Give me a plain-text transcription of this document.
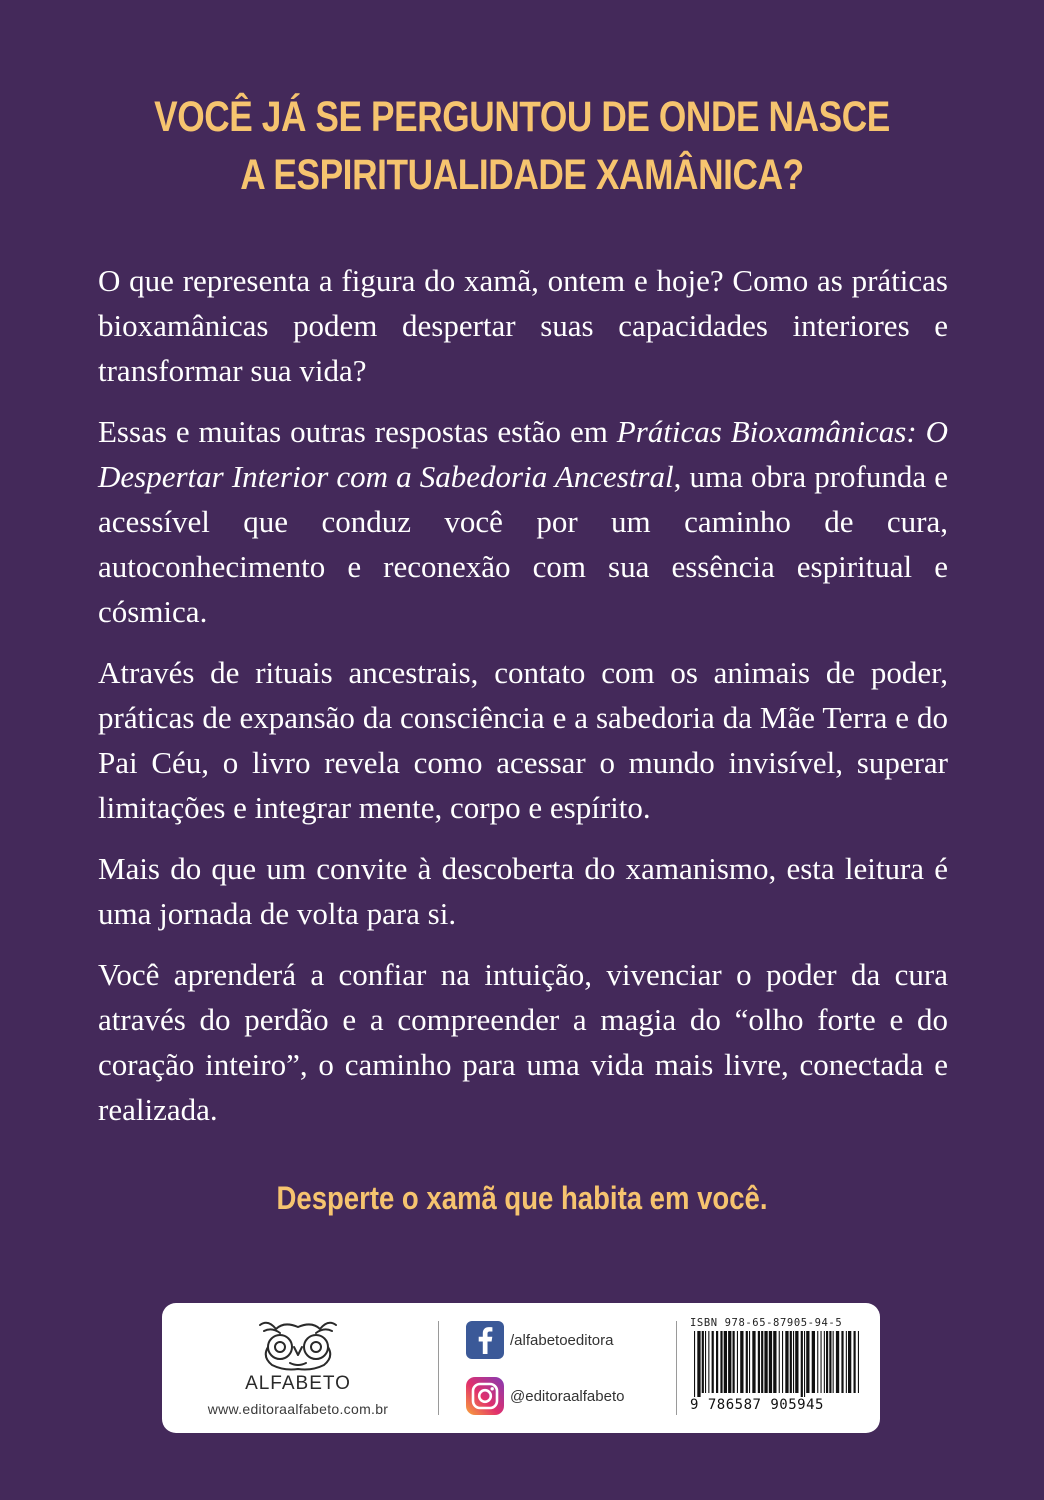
VOCÊ JÁ SE PERGUNTOU DE ONDE NASCE
A ESPIRITUALIDADE XAMÂNICA?

O que representa a figura do xamã, ontem e hoje? Como as práticas bioxamânicas podem despertar suas capacidades interiores e transformar sua vida?

Essas e muitas outras respostas estão em Práticas Bioxamânicas: O Despertar Interior com a Sabedoria Ancestral, uma obra profunda e acessível que conduz você por um caminho de cura, autoconhecimento e reconexão com sua essência espiritual e cósmica.

Através de rituais ancestrais, contato com os animais de poder, práticas de expansão da consciência e a sabedoria da Mãe Terra e do Pai Céu, o livro revela como acessar o mundo invisível, superar limitações e integrar mente, corpo e espírito.

Mais do que um convite à descoberta do xamanismo, esta leitura é uma jornada de volta para si.

Você aprenderá a confiar na intuição, vivenciar o poder da cura através do perdão e a compreender a magia do “olho forte e do coração inteiro”, o caminho para uma vida mais livre, conectada e realizada.

Desperte o xamã que habita em você.
ALFABETO
www.editoraalfabeto.com.br
/alfabetoeditora
@editoraalfabeto
ISBN 978-65-87905-94-5
9 786587 905945
